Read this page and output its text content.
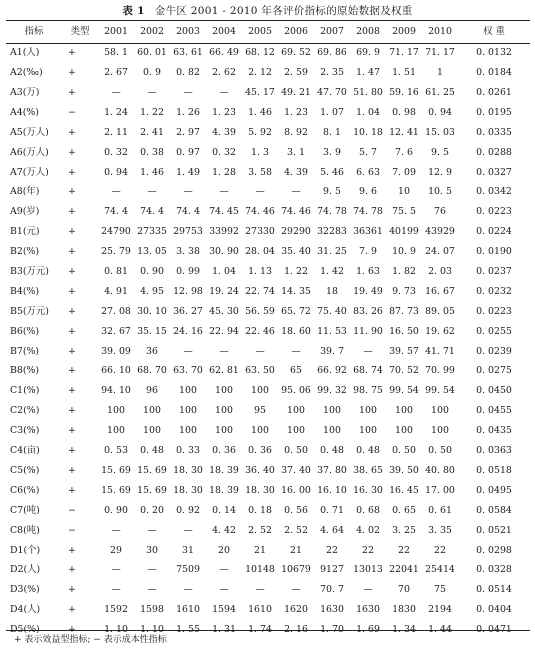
表 1 金牛区 2001 - 2010 年各评价指标的原始数据及权重
指标	类型	2001	2002	2003	2004	2005	2006	2007	2008	2009	2010	权 重
A1(人)	+	58. 1	60. 01	63. 61	66. 49	68. 12	69. 52	69. 86	69. 9	71. 17	71. 17	0. 0132
A2(‰)	+	2. 67	0. 9	0. 82	2. 62	2. 12	2. 59	2. 35	1. 47	1. 51	1	0. 0184
A3(万)	+	—	—	—	—	45. 17	49. 21	47. 70	51. 80	59. 16	61. 25	0. 0261
A4(%)	−	1. 24	1. 22	1. 26	1. 23	1. 46	1. 23	1. 07	1. 04	0. 98	0. 94	0. 0195
A5(万人)	+	2. 11	2. 41	2. 97	4. 39	5. 92	8. 92	8. 1	10. 18	12. 41	15. 03	0. 0335
A6(万人)	+	0. 32	0. 38	0. 97	0. 32	1. 3	3. 1	3. 9	5. 7	7. 6	9. 5	0. 0288
A7(万人)	+	0. 94	1. 46	1. 49	1. 28	3. 58	4. 39	5. 46	6. 63	7. 09	12. 9	0. 0327
A8(年)	+	—	—	—	—	—	—	9. 5	9. 6	10	10. 5	0. 0342
A9(岁)	+	74. 4	74. 4	74. 4	74. 45	74. 46	74. 46	74. 78	74. 78	75. 5	76	0. 0223
B1(元)	+	24790	27335	29753	33992	27330	29290	32283	36361	40199	43929	0. 0224
B2(%)	+	25. 79	13. 05	3. 38	30. 90	28. 04	35. 40	31. 25	7. 9	10. 9	24. 07	0. 0190
B3(万元)	+	0. 81	0. 90	0. 99	1. 04	1. 13	1. 22	1. 42	1. 63	1. 82	2. 03	0. 0237
B4(%)	+	4. 91	4. 95	12. 98	19. 24	22. 74	14. 35	18	19. 49	9. 73	16. 67	0. 0232
B5(万元)	+	27. 08	30. 10	36. 27	45. 30	56. 59	65. 72	75. 40	83. 26	87. 73	89. 05	0. 0223
B6(%)	+	32. 67	35. 15	24. 16	22. 94	22. 46	18. 60	11. 53	11. 90	16. 50	19. 62	0. 0255
B7(%)	+	39. 09	36	—	—	—	—	39. 7	—	39. 57	41. 71	0. 0239
B8(%)	+	66. 10	68. 70	63. 70	62. 81	63. 50	65	66. 92	68. 74	70. 52	70. 99	0. 0275
C1(%)	+	94. 10	96	100	100	100	95. 06	99. 32	98. 75	99. 54	99. 54	0. 0450
C2(%)	+	100	100	100	100	95	100	100	100	100	100	0. 0455
C3(%)	+	100	100	100	100	100	100	100	100	100	100	0. 0435
C4(亩)	+	0. 53	0. 48	0. 33	0. 36	0. 36	0. 50	0. 48	0. 48	0. 50	0. 50	0. 0363
C5(%)	+	15. 69	15. 69	18. 30	18. 39	36. 40	37. 40	37. 80	38. 65	39. 50	40. 80	0. 0518
C6(%)	+	15. 69	15. 69	18. 30	18. 39	18. 30	16. 00	16. 10	16. 30	16. 45	17. 00	0. 0495
C7(吨)	−	0. 90	0. 20	0. 92	0. 14	0. 18	0. 56	0. 71	0. 68	0. 65	0. 61	0. 0584
C8(吨)	−	—	—	—	4. 42	2. 52	2. 52	4. 64	4. 02	3. 25	3. 35	0. 0521
D1(个)	+	29	30	31	20	21	21	22	22	22	22	0. 0298
D2(人)	+	—	—	7509	—	10148	10679	9127	13013	22041	25414	0. 0328
D3(%)	+	—	—	—	—	—	—	70. 7	—	70	75	0. 0514
D4(人)	+	1592	1598	1610	1594	1610	1620	1630	1630	1830	2194	0. 0404
D5(%)	+	1. 10	1. 10	1. 55	1. 31	1. 74	2. 16	1. 70	1. 69	1. 34	1. 44	0. 0471
+ 表示效益型指标; − 表示成本性指标
